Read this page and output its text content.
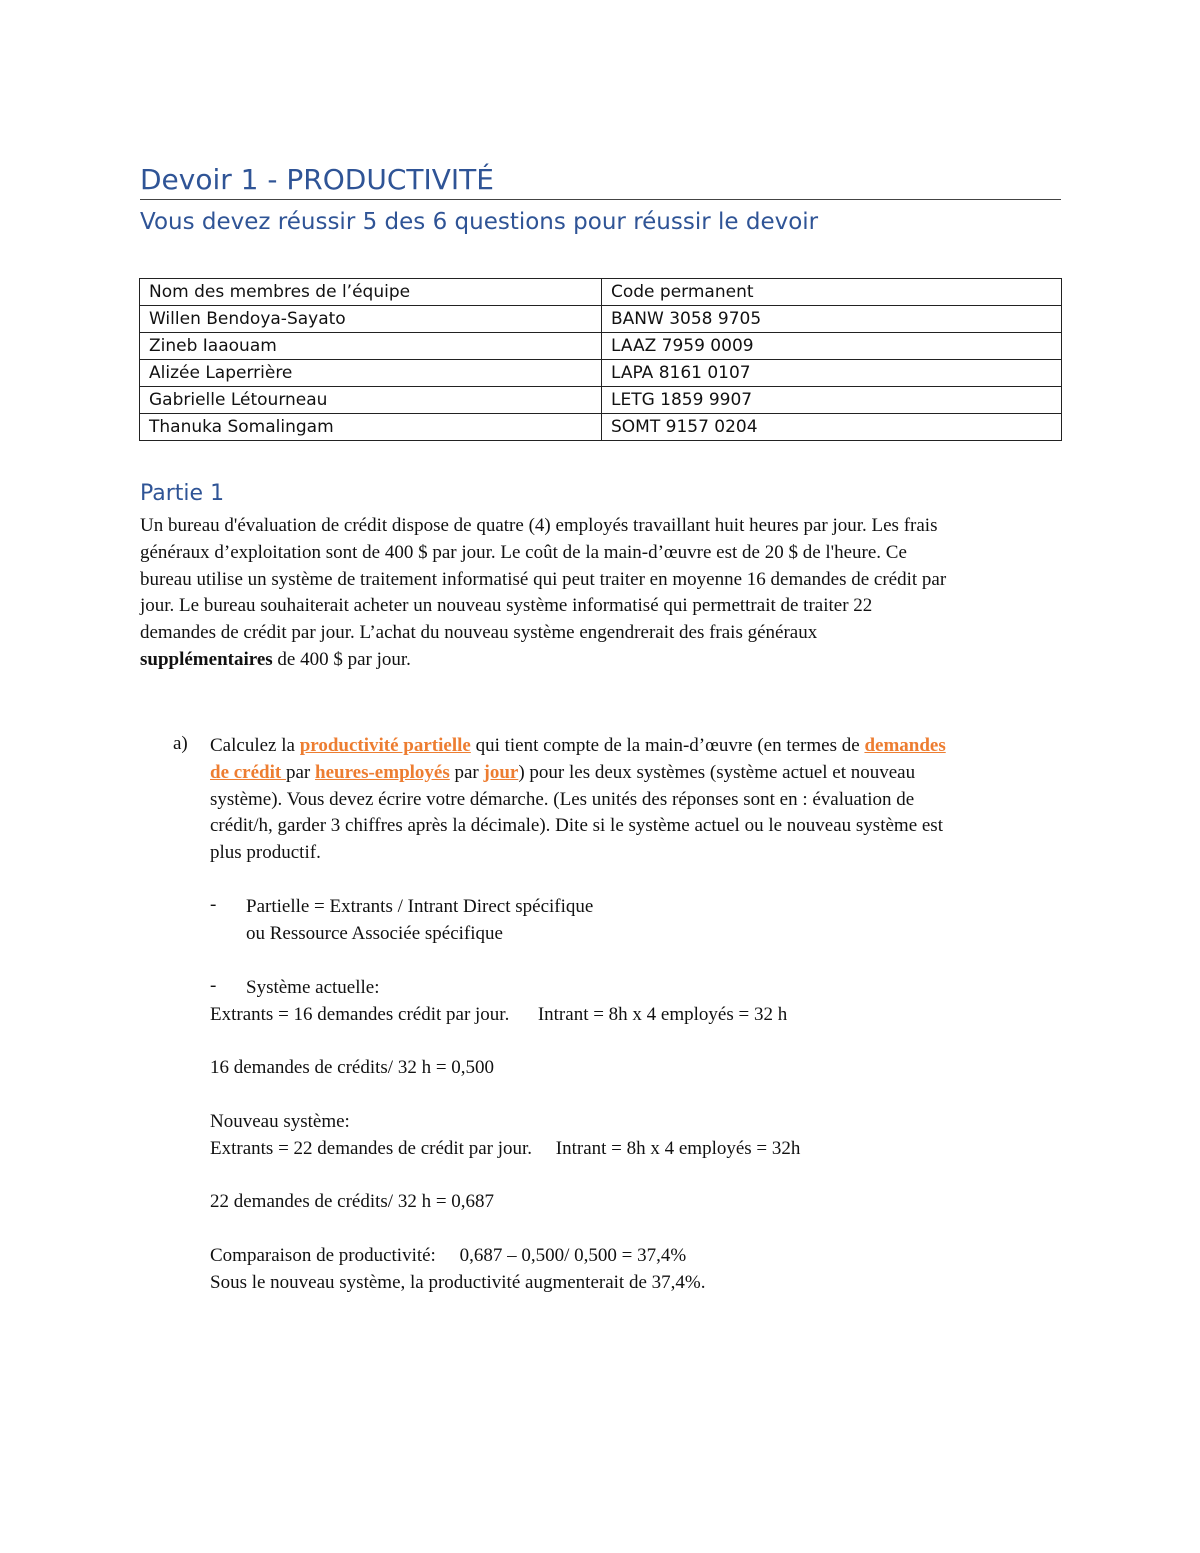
Devoir 1 - PRODUCTIVITÉ
Vous devez réussir 5 des 6 questions pour réussir le devoir
Nom des membres de l’équipe	Code permanent
Willen Bendoya-Sayato	BANW 3058 9705
Zineb Iaaouam	LAAZ 7959 0009
Alizée Laperrière	LAPA 8161 0107
Gabrielle Létourneau	LETG 1859 9907
Thanuka Somalingam	SOMT 9157 0204
Partie 1
Un bureau d'évaluation de crédit dispose de quatre (4) employés travaillant huit heures par jour. Les frais
généraux d’exploitation sont de 400 $ par jour. Le coût de la main-d’œuvre est de 20 $ de l'heure. Ce
bureau utilise un système de traitement informatisé qui peut traiter en moyenne 16 demandes de crédit par
jour. Le bureau souhaiterait acheter un nouveau système informatisé qui permettrait de traiter 22
demandes de crédit par jour. L’achat du nouveau système engendrerait des frais généraux
supplémentaires de 400 $ par jour.
a) Calculez la productivité partielle qui tient compte de la main-d’œuvre (en termes de demandes
de crédit par heures-employés par jour) pour les deux systèmes (système actuel et nouveau
système). Vous devez écrire votre démarche. (Les unités des réponses sont en : évaluation de
crédit/h, garder 3 chiffres après la décimale). Dite si le système actuel ou le nouveau système est
plus productif.
- Partielle = Extrants / Intrant Direct spécifique
ou Ressource Associée spécifique
- Système actuelle:
Extrants = 16 demandes crédit par jour.      Intrant = 8h x 4 employés = 32 h
16 demandes de crédits/ 32 h = 0,500
Nouveau système:
Extrants = 22 demandes de crédit par jour.     Intrant = 8h x 4 employés = 32h
22 demandes de crédits/ 32 h = 0,687
Comparaison de productivité:     0,687 – 0,500/ 0,500 = 37,4%
Sous le nouveau système, la productivité augmenterait de 37,4%.
